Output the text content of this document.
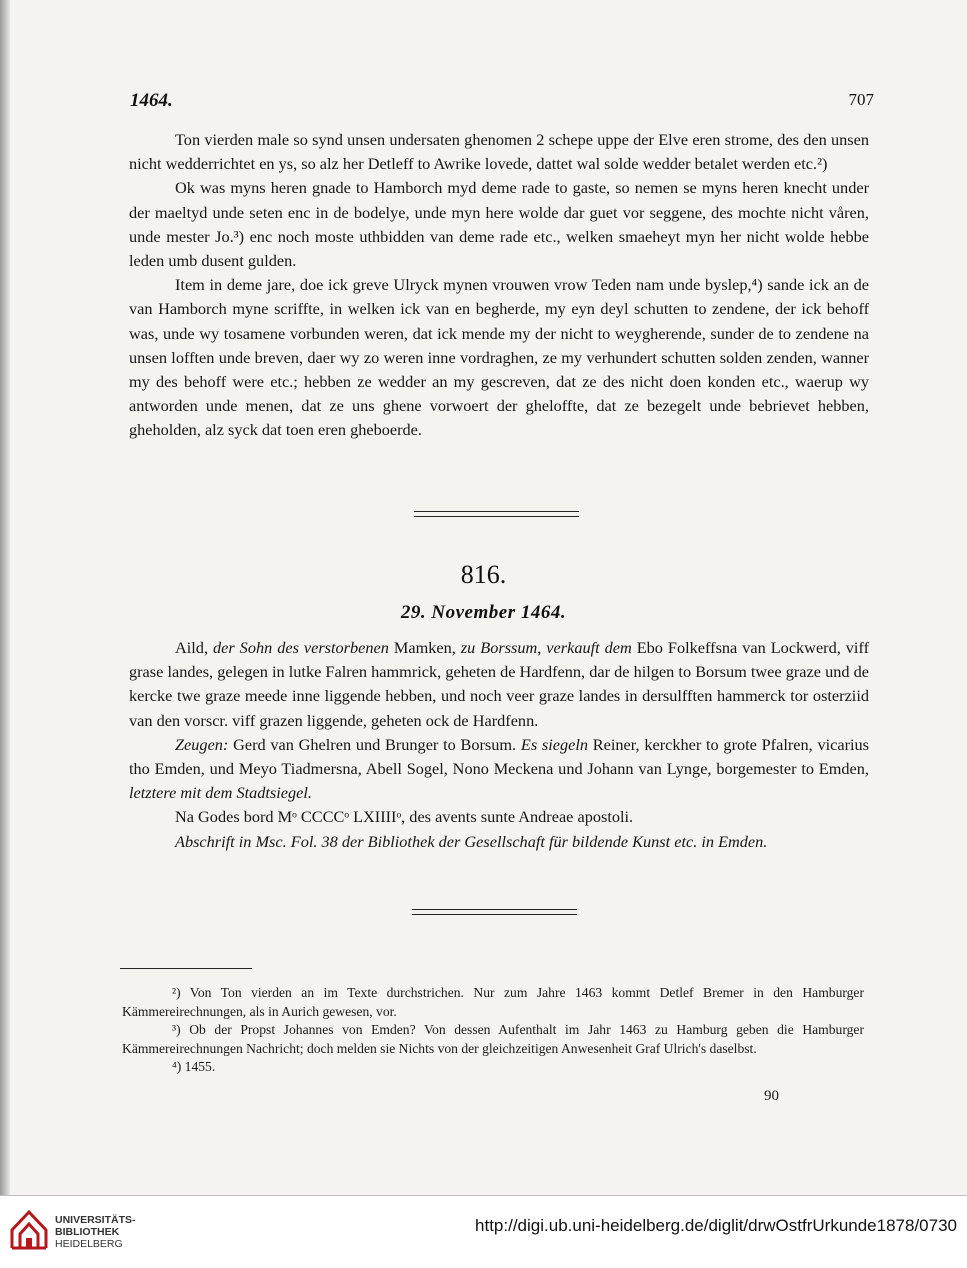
1464.	707

Ton vierden male so synd unsen undersaten ghenomen 2 schepe uppe der Elve eren strome, des den unsen nicht wedderrichtet en ys, so alz her Detleff to Awrike lovede, dattet wal solde wedder betalet werden etc.²)

Ok was myns heren gnade to Hamborch myd deme rade to gaste, so nemen se myns heren knecht under der maeltyd unde seten enc in de bodelye, unde myn here wolde dar guet vor seggene, des mochte nicht våren, unde mester Jo.³) enc noch moste uthbidden van deme rade etc., welken smaeheyt myn her nicht wolde hebbe leden umb dusent gulden.

Item in deme jare, doe ick greve Ulryck mynen vrouwen vrow Teden nam unde byslep,⁴) sande ick an de van Hamborch myne scriffte, in welken ick van en begherde, my eyn deyl schutten to zendene, der ick behoff was, unde wy tosamene vorbunden weren, dat ick mende my der nicht to weygherende, sunder de to zendene na unsen lofften unde breven, daer wy zo weren inne vordraghen, ze my verhundert schutten solden zenden, wanner my des behoff were etc.; hebben ze wedder an my gescreven, dat ze des nicht doen konden etc., waerup wy antworden unde menen, dat ze uns ghene vorwoert der gheloffte, dat ze bezegelt unde bebrievet hebben, gheholden, alz syck dat toen eren gheboerde.

816.
29. November 1464.

Aild, der Sohn des verstorbenen Mamken, zu Borssum, verkauft dem Ebo Folkeffsna van Lockwerd, viff grase landes, gelegen in lutke Falren hammrick, geheten de Hardfenn, dar de hilgen to Borsum twee graze und de kercke twe graze meede inne liggende hebben, und noch veer graze landes in dersulfften hammerck tor osterziid van den vorscr. viff grazen liggende, geheten ock de Hardfenn.

Zeugen: Gerd van Ghelren und Brunger to Borsum. Es siegeln Reiner, kerckher to grote Pfalren, vicarius tho Emden, und Meyo Tiadmersna, Abell Sogel, Nono Meckena und Johann van Lynge, borgemester to Emden, letztere mit dem Stadtsiegel.

Na Godes bord Mᵒ CCCCᵒ LXIIIIᵒ, des avents sunte Andreae apostoli.

Abschrift in Msc. Fol. 38 der Bibliothek der Gesellschaft für bildende Kunst etc. in Emden.

²) Von Ton vierden an im Texte durchstrichen. Nur zum Jahre 1463 kommt Detlef Bremer in den Hamburger Kämmereirechnungen, als in Aurich gewesen, vor.

³) Ob der Propst Johannes von Emden? Von dessen Aufenthalt im Jahr 1463 zu Hamburg geben die Hamburger Kämmereirechnungen Nachricht; doch melden sie Nichts von der gleichzeitigen Anwesenheit Graf Ulrich's daselbst.

⁴) 1455.

90
UNIVERSITÄTS-
BIBLIOTHEK
HEIDELBERG
http://digi.ub.uni-heidelberg.de/diglit/drwOstfrUrkunde1878/0730
